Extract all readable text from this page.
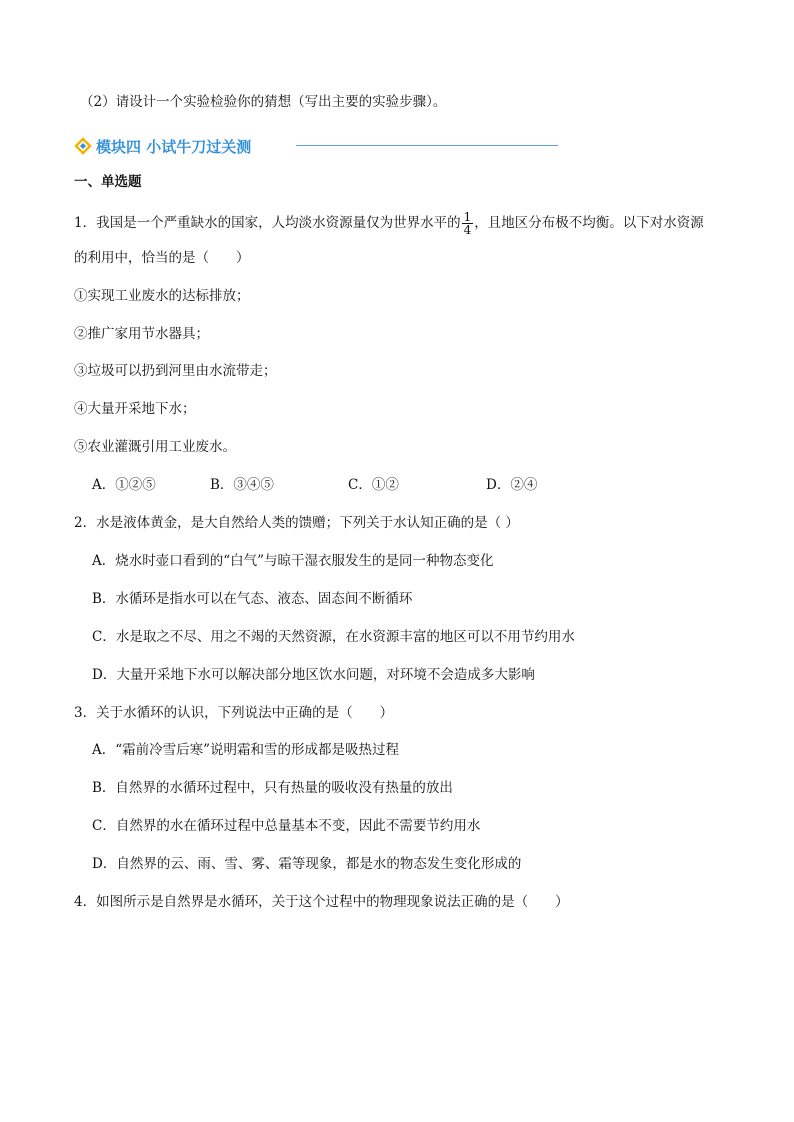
（2）请设计一个实验检验你的猜想（写出主要的实验步骤）。
模块四 小试牛刀过关测
一、单选题
1．我国是一个严重缺水的国家，人均淡水资源量仅为世界水平的 $\frac{1}{4}$ ，且地区分布极不均衡。以下对水资源
的利用中，恰当的是（　　）
①实现工业废水的达标排放；
②推广家用节水器具；
③垃圾可以扔到河里由水流带走；
④大量开采地下水；
⑤农业灌溉引用工业废水。
A．①②⑤	B．③④⑤	C．①②	D．②④
2．水是液体黄金，是大自然给人类的馈赠；下列关于水认知正确的是（ ）
A．烧水时壶口看到的“白气”与晾干湿衣服发生的是同一种物态变化
B．水循环是指水可以在气态、液态、固态间不断循环
C．水是取之不尽、用之不竭的天然资源，在水资源丰富的地区可以不用节约用水
D．大量开采地下水可以解决部分地区饮水问题，对环境不会造成多大影响
3．关于水循环的认识，下列说法中正确的是（　　）
A．“霜前冷雪后寒”说明霜和雪的形成都是吸热过程
B．自然界的水循环过程中，只有热量的吸收没有热量的放出
C．自然界的水在循环过程中总量基本不变，因此不需要节约用水
D．自然界的云、雨、雪、雾、霜等现象，都是水的物态发生变化形成的
4．如图所示是自然界是水循环，关于这个过程中的物理现象说法正确的是（　　）
